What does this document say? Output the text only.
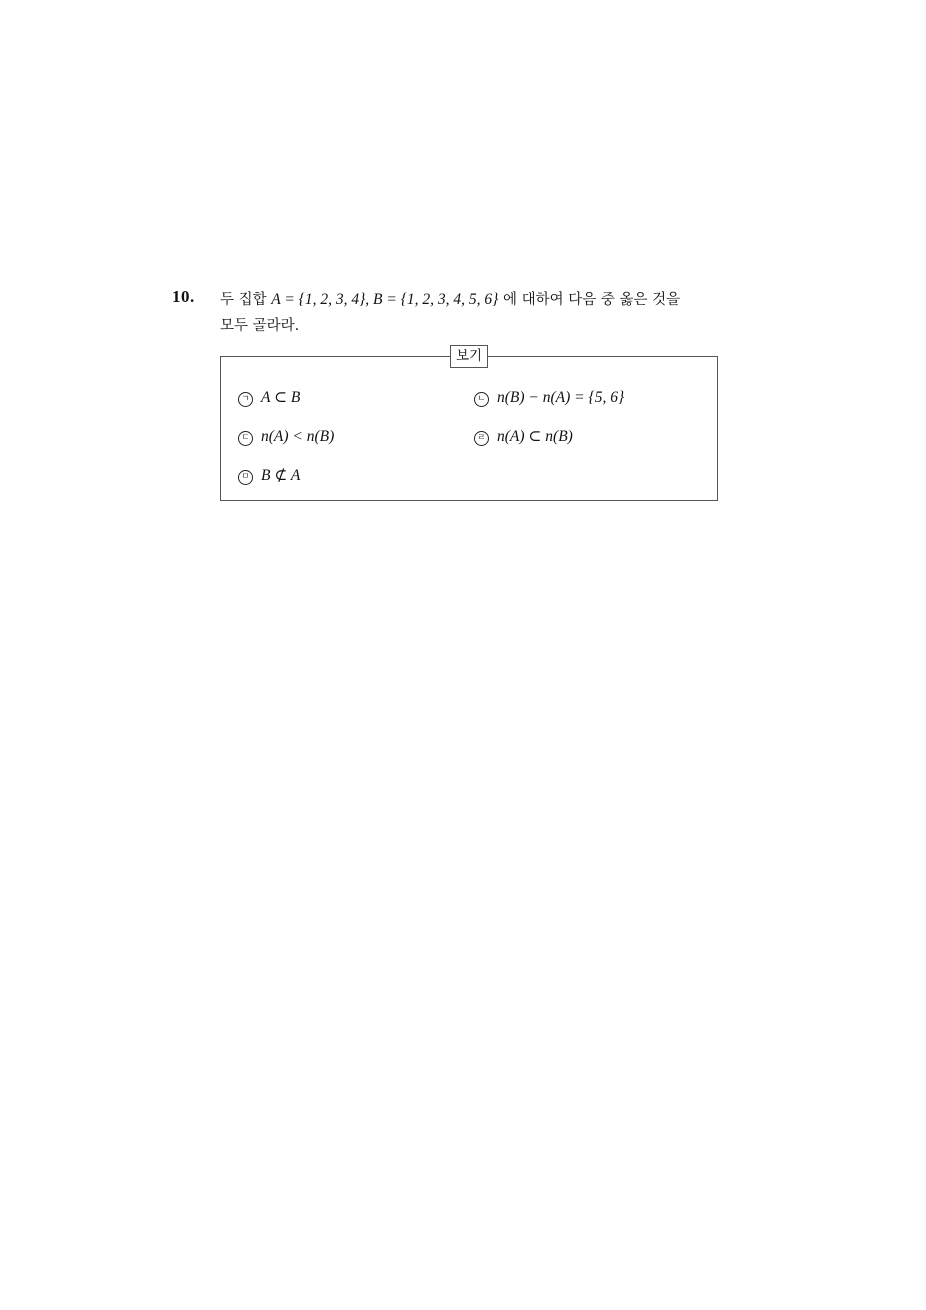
10. 두 집합 A = {1, 2, 3, 4}, B = {1, 2, 3, 4, 5, 6} 에 대하여 다음 중 옳은 것을
모두 골라라.
보기
ㄱ A ⊂ B	ㄴ n(B) − n(A) = {5, 6}
ㄷ n(A) < n(B)	ㄹ n(A) ⊂ n(B)
ㅁ B ⊄ A
